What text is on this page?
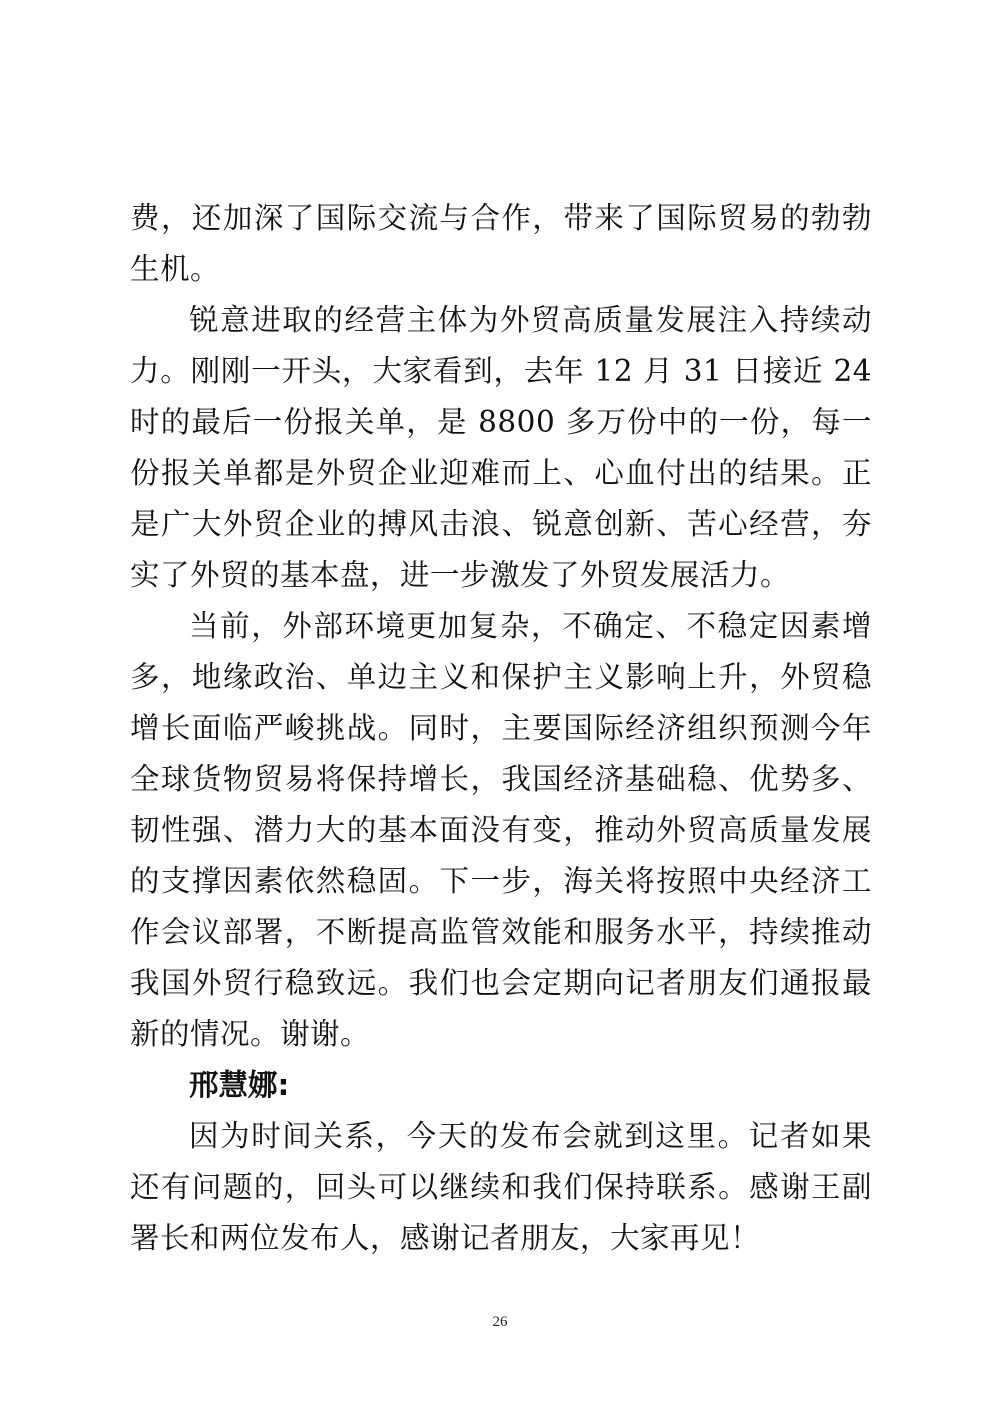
费，还加深了国际交流与合作，带来了国际贸易的勃勃生机。

锐意进取的经营主体为外贸高质量发展注入持续动力。刚刚一开头，大家看到，去年 12 月 31 日接近 24 时的最后一份报关单，是 8800 多万份中的一份，每一份报关单都是外贸企业迎难而上、心血付出的结果。正是广大外贸企业的搏风击浪、锐意创新、苦心经营，夯实了外贸的基本盘，进一步激发了外贸发展活力。

当前，外部环境更加复杂，不确定、不稳定因素增多，地缘政治、单边主义和保护主义影响上升，外贸稳增长面临严峻挑战。同时，主要国际经济组织预测今年全球货物贸易将保持增长，我国经济基础稳、优势多、韧性强、潜力大的基本面没有变，推动外贸高质量发展的支撑因素依然稳固。下一步，海关将按照中央经济工作会议部署，不断提高监管效能和服务水平，持续推动我国外贸行稳致远。我们也会定期向记者朋友们通报最新的情况。谢谢。

邢慧娜:

因为时间关系，今天的发布会就到这里。记者如果还有问题的，回头可以继续和我们保持联系。感谢王副署长和两位发布人，感谢记者朋友，大家再见！

26
